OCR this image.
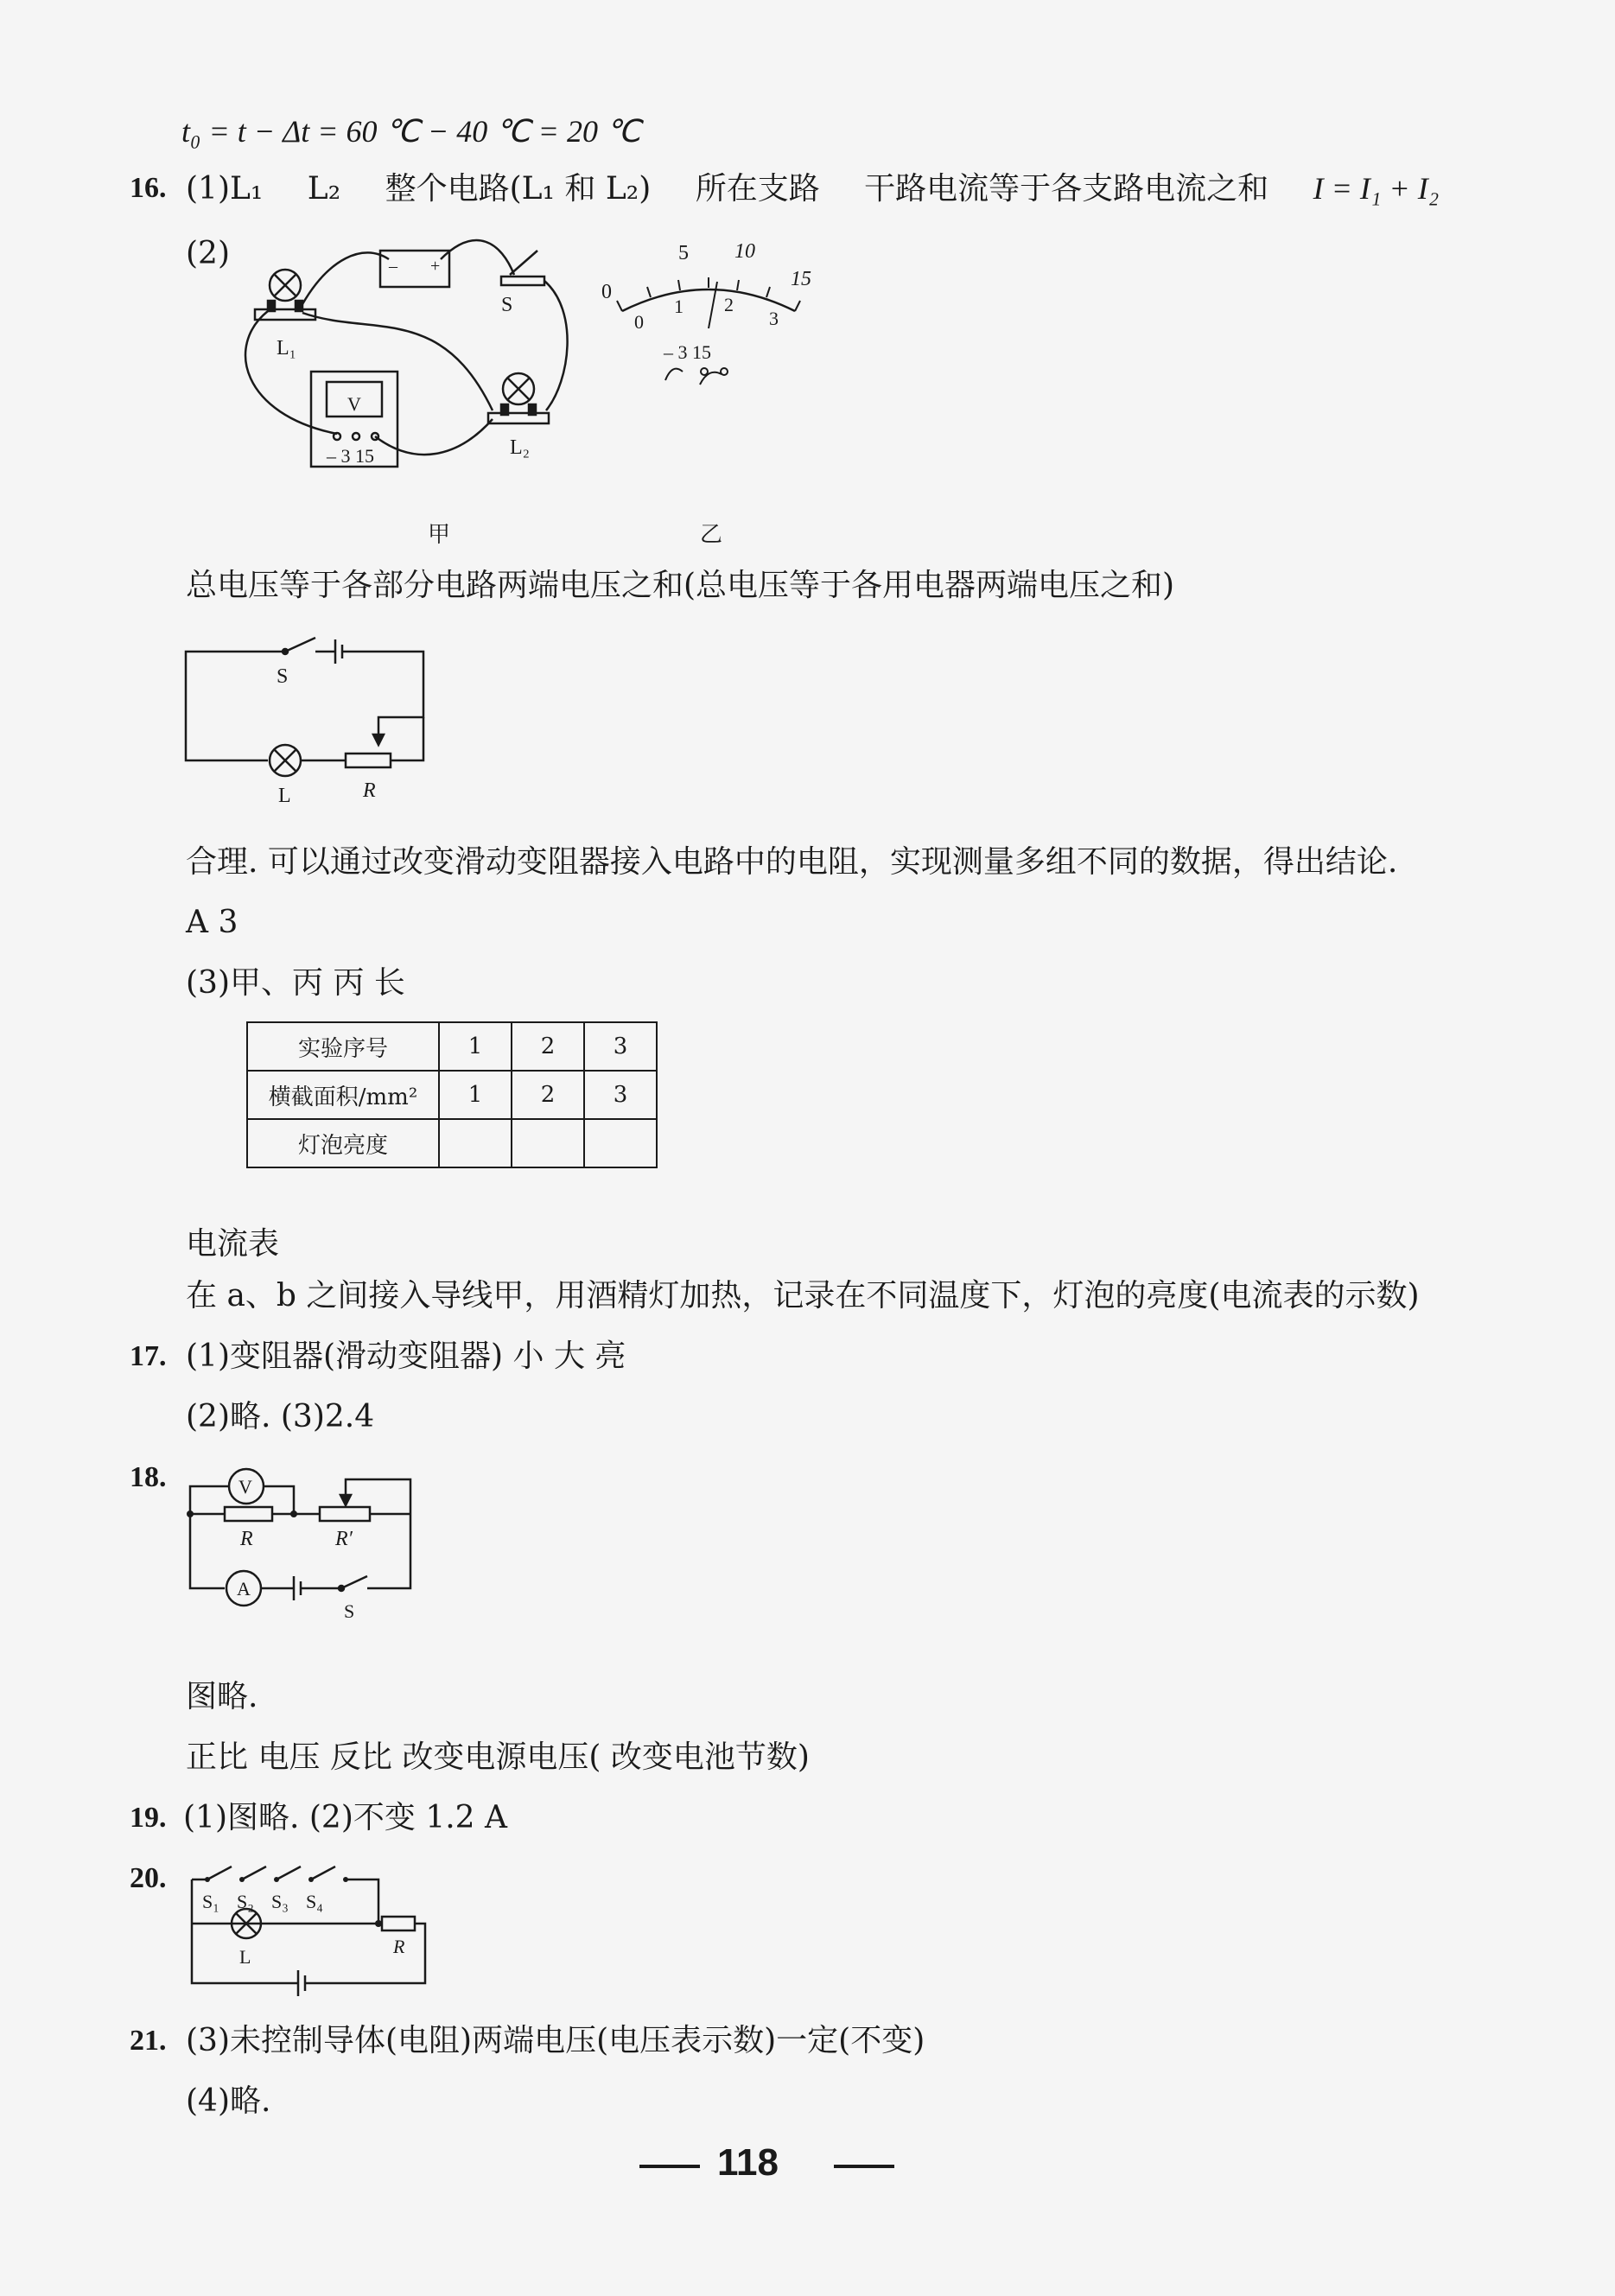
t₀ = t − Δt = 60 ℃ − 40 ℃ = 20 ℃
16. (1)L₁ L₂ 整个电路(L₁ 和 L₂) 所在支路 干路电流等于各支路电流之和 I = I₁ + I₂
(2)	– +
S
L₁
L₂
V
– 3 15
0
5 10
15
0
1 2
3
– 3 15
甲	乙
总电压等于各部分电路两端电压之和(总电压等于各用电器两端电压之和)
S
L	R
合理. 可以通过改变滑动变阻器接入电路中的电阻，实现测量多组不同的数据，得出结论.
A 3
(3)甲、丙 丙 长
实验序号	1	2	3
横截面积/mm²	1	2	3
灯泡亮度			
电流表
在 a、b 之间接入导线甲，用酒精灯加热，记录在不同温度下，灯泡的亮度(电流表的示数)
17. (1)变阻器(滑动变阻器) 小 大 亮
(2)略. (3)2.4
18.	V
A
R	R′
S
图略.
正比 电压 反比 改变电源电压( 改变电池节数)
19. (1)图略. (2)不变 1.2 A
20.
S₁ S₂ S₃ S₄
L	R
21. (3)未控制导体(电阻)两端电压(电压表示数)一定(不变)
(4)略.
118
